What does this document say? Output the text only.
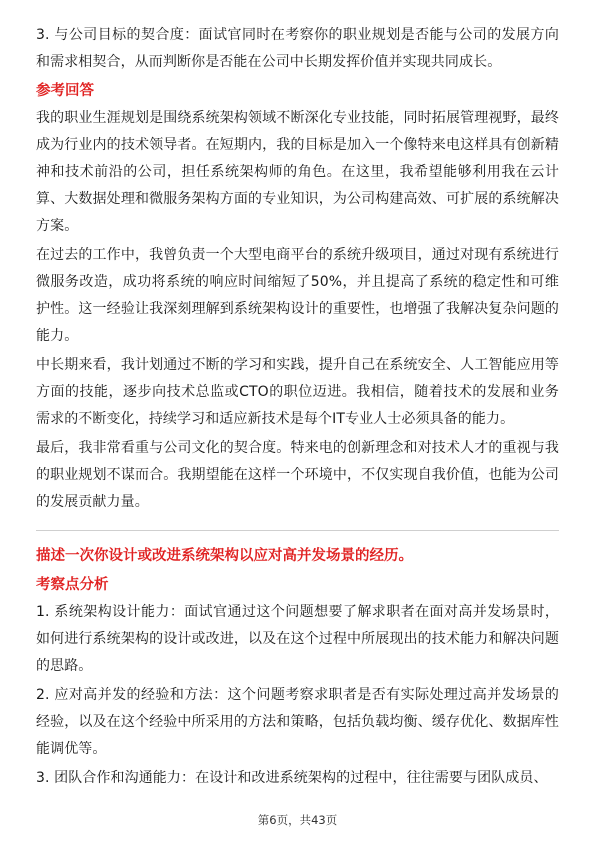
3. 与公司目标的契合度：面试官同时在考察你的职业规划是否能与公司的发展方向和需求相契合，从而判断你是否能在公司中长期发挥价值并实现共同成长。

参考回答

我的职业生涯规划是围绕系统架构领域不断深化专业技能，同时拓展管理视野，最终成为行业内的技术领导者。在短期内，我的目标是加入一个像特来电这样具有创新精神和技术前沿的公司，担任系统架构师的角色。在这里，我希望能够利用我在云计算、大数据处理和微服务架构方面的专业知识，为公司构建高效、可扩展的系统解决方案。

在过去的工作中，我曾负责一个大型电商平台的系统升级项目，通过对现有系统进行微服务改造，成功将系统的响应时间缩短了50%，并且提高了系统的稳定性和可维护性。这一经验让我深刻理解到系统架构设计的重要性，也增强了我解决复杂问题的能力。

中长期来看，我计划通过不断的学习和实践，提升自己在系统安全、人工智能应用等方面的技能，逐步向技术总监或CTO的职位迈进。我相信，随着技术的发展和业务需求的不断变化，持续学习和适应新技术是每个IT专业人士必须具备的能力。

最后，我非常看重与公司文化的契合度。特来电的创新理念和对技术人才的重视与我的职业规划不谋而合。我期望能在这样一个环境中，不仅实现自我价值，也能为公司的发展贡献力量。

描述一次你设计或改进系统架构以应对高并发场景的经历。

考察点分析

1. 系统架构设计能力：面试官通过这个问题想要了解求职者在面对高并发场景时，如何进行系统架构的设计或改进，以及在这个过程中所展现出的技术能力和解决问题的思路。

2. 应对高并发的经验和方法：这个问题考察求职者是否有实际处理过高并发场景的经验，以及在这个经验中所采用的方法和策略，包括负载均衡、缓存优化、数据库性能调优等。

3. 团队合作和沟通能力：在设计和改进系统架构的过程中，往往需要与团队成员、

第6页，共43页
